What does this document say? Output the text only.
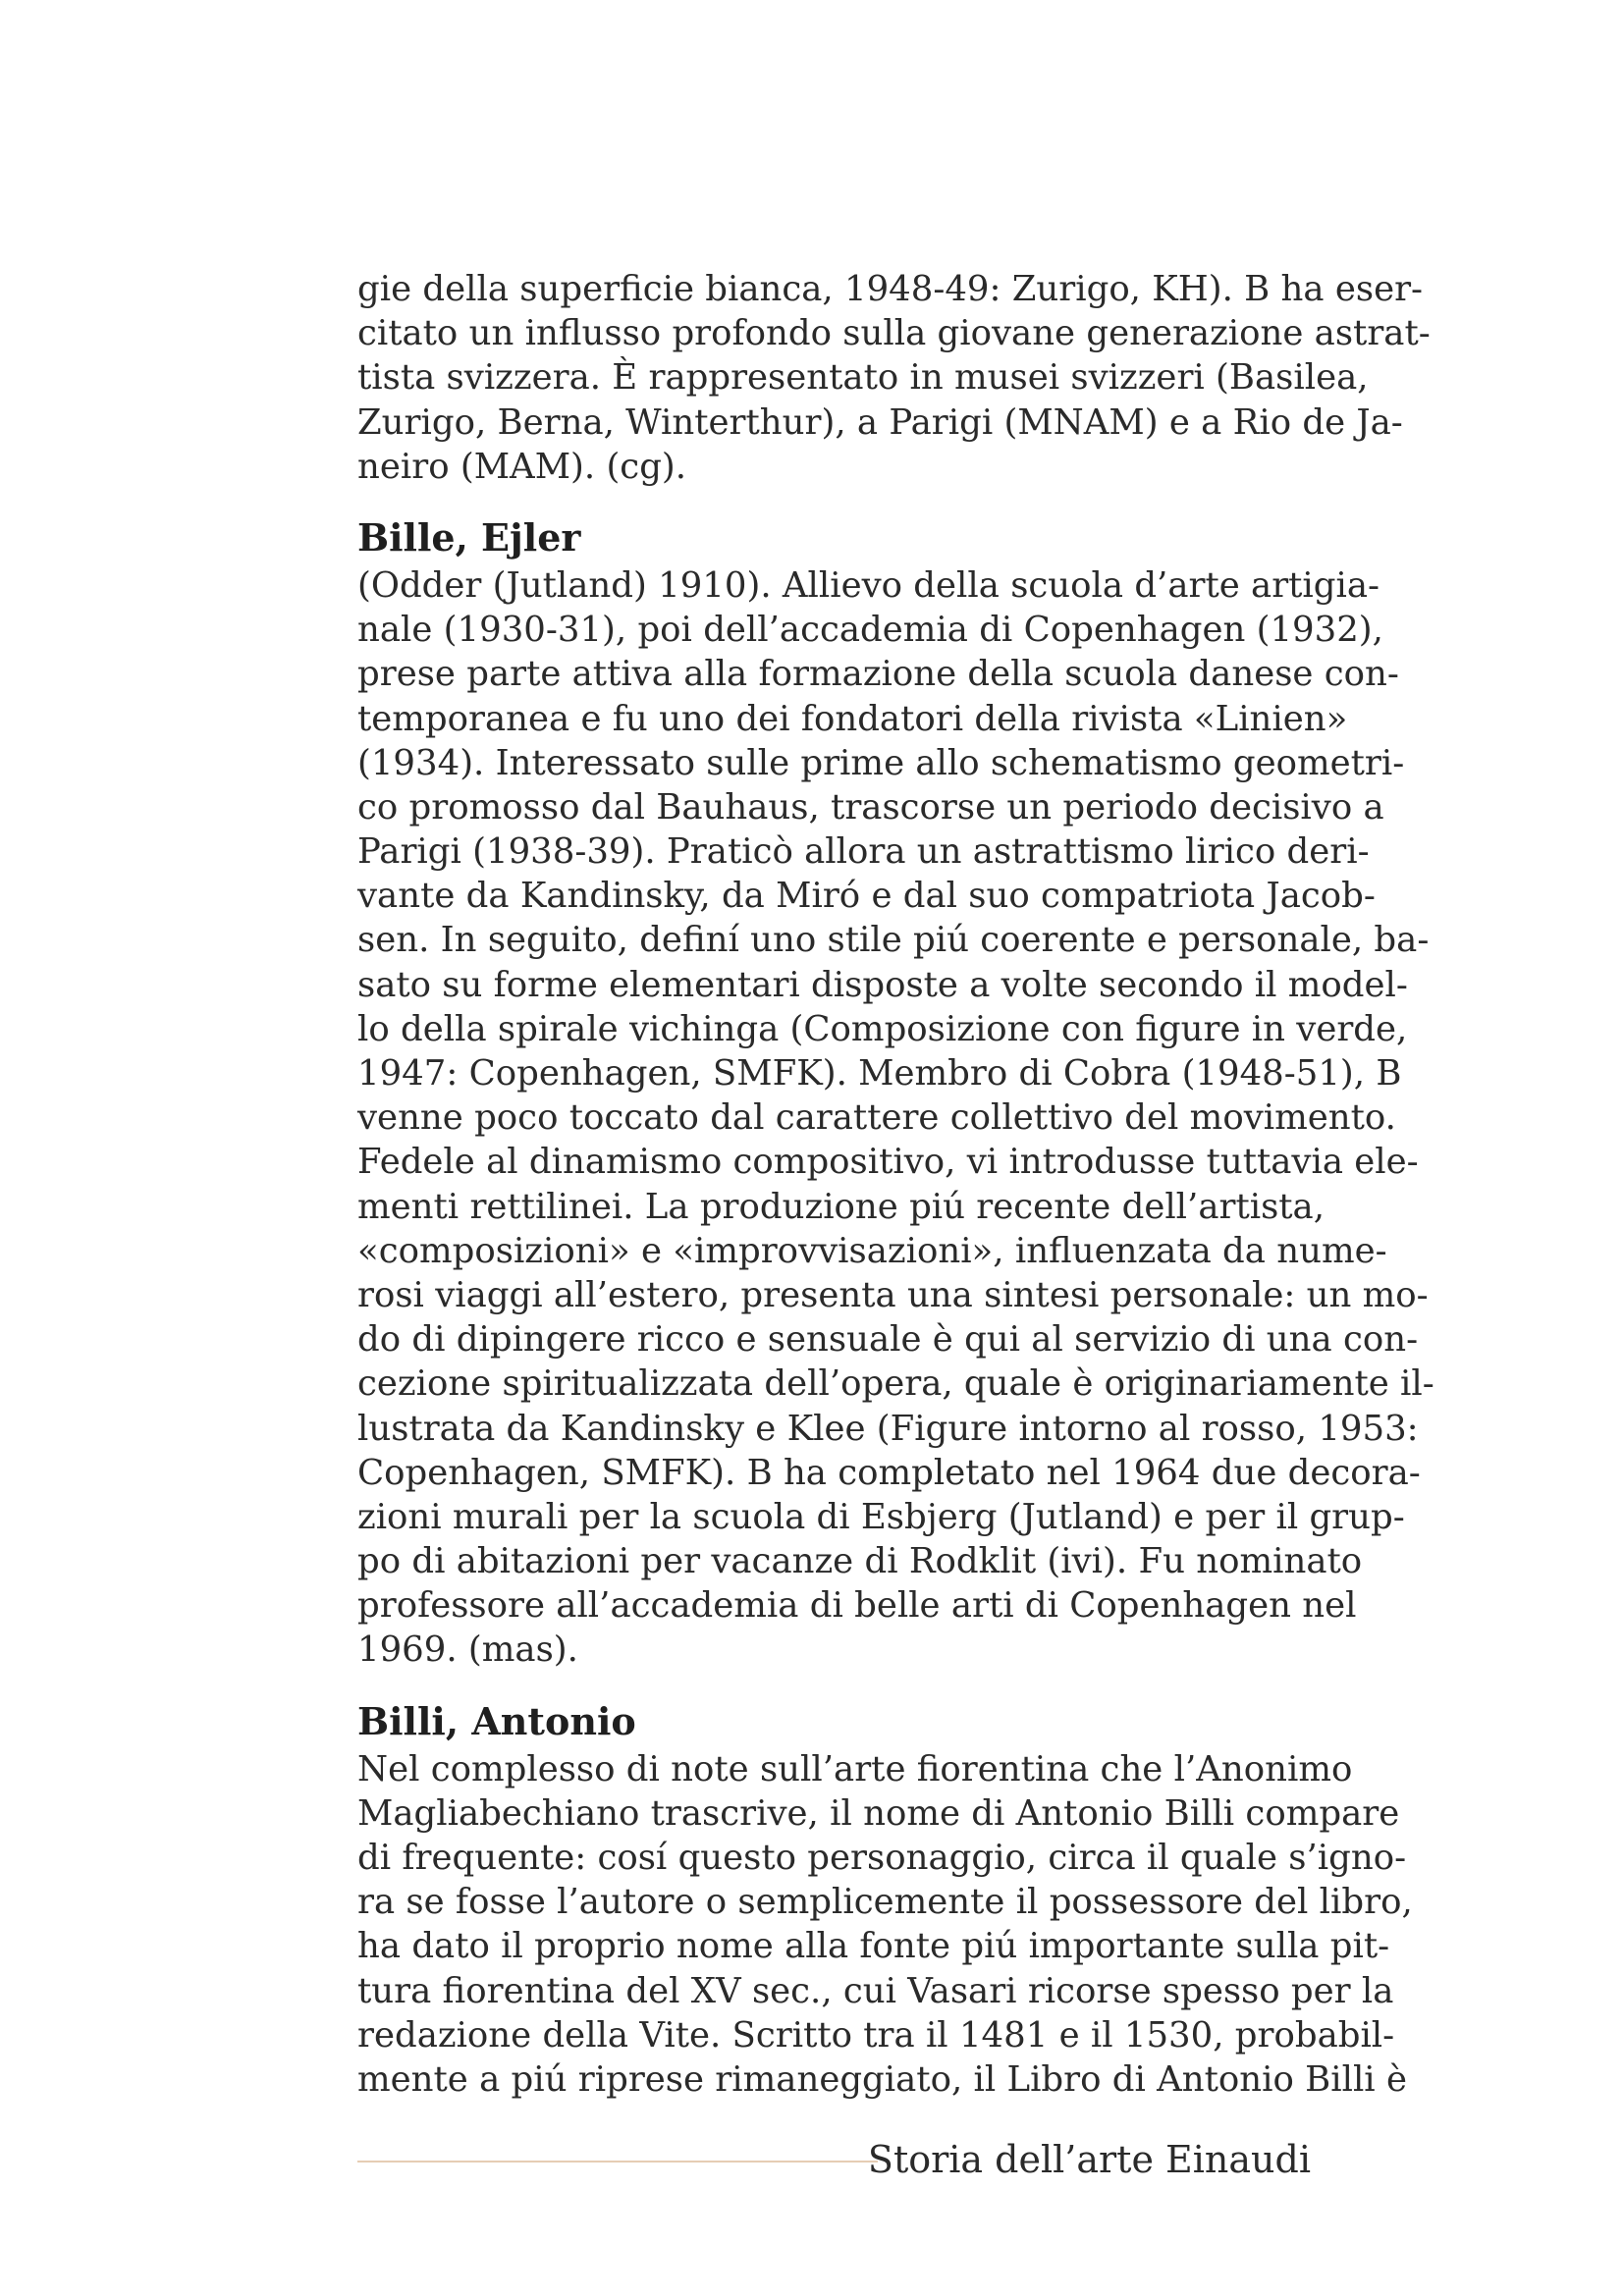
gie della superficie bianca, 1948-49: Zurigo, KH). B ha eser-
citato un influsso profondo sulla giovane generazione astrat-
tista svizzera. È rappresentato in musei svizzeri (Basilea,
Zurigo, Berna, Winterthur), a Parigi (MNAM) e a Rio de Ja-
neiro (MAM). (cg).
Bille, Ejler
(Odder (Jutland) 1910). Allievo della scuola d’arte artigia-
nale (1930-31), poi dell’accademia di Copenhagen (1932),
prese parte attiva alla formazione della scuola danese con-
temporanea e fu uno dei fondatori della rivista «Linien»
(1934). Interessato sulle prime allo schematismo geometri-
co promosso dal Bauhaus, trascorse un periodo decisivo a
Parigi (1938-39). Praticò allora un astrattismo lirico deri-
vante da Kandinsky, da Miró e dal suo compatriota Jacob-
sen. In seguito, definí uno stile piú coerente e personale, ba-
sato su forme elementari disposte a volte secondo il model-
lo della spirale vichinga (Composizione con figure in verde,
1947: Copenhagen, SMFK). Membro di Cobra (1948-51), B
venne poco toccato dal carattere collettivo del movimento.
Fedele al dinamismo compositivo, vi introdusse tuttavia ele-
menti rettilinei. La produzione piú recente dell’artista,
«composizioni» e «improvvisazioni», influenzata da nume-
rosi viaggi all’estero, presenta una sintesi personale: un mo-
do di dipingere ricco e sensuale è qui al servizio di una con-
cezione spiritualizzata dell’opera, quale è originariamente il-
lustrata da Kandinsky e Klee (Figure intorno al rosso, 1953:
Copenhagen, SMFK). B ha completato nel 1964 due decora-
zioni murali per la scuola di Esbjerg (Jutland) e per il grup-
po di abitazioni per vacanze di Rodklit (ivi). Fu nominato
professore all’accademia di belle arti di Copenhagen nel
1969. (mas).
Billi, Antonio
Nel complesso di note sull’arte fiorentina che l’Anonimo
Magliabechiano trascrive, il nome di Antonio Billi compare
di frequente: cosí questo personaggio, circa il quale s’igno-
ra se fosse l’autore o semplicemente il possessore del libro,
ha dato il proprio nome alla fonte piú importante sulla pit-
tura fiorentina del XV sec., cui Vasari ricorse spesso per la
redazione della Vite. Scritto tra il 1481 e il 1530, probabil-
mente a piú riprese rimaneggiato, il Libro di Antonio Billi è
Storia dell’arte Einaudi
